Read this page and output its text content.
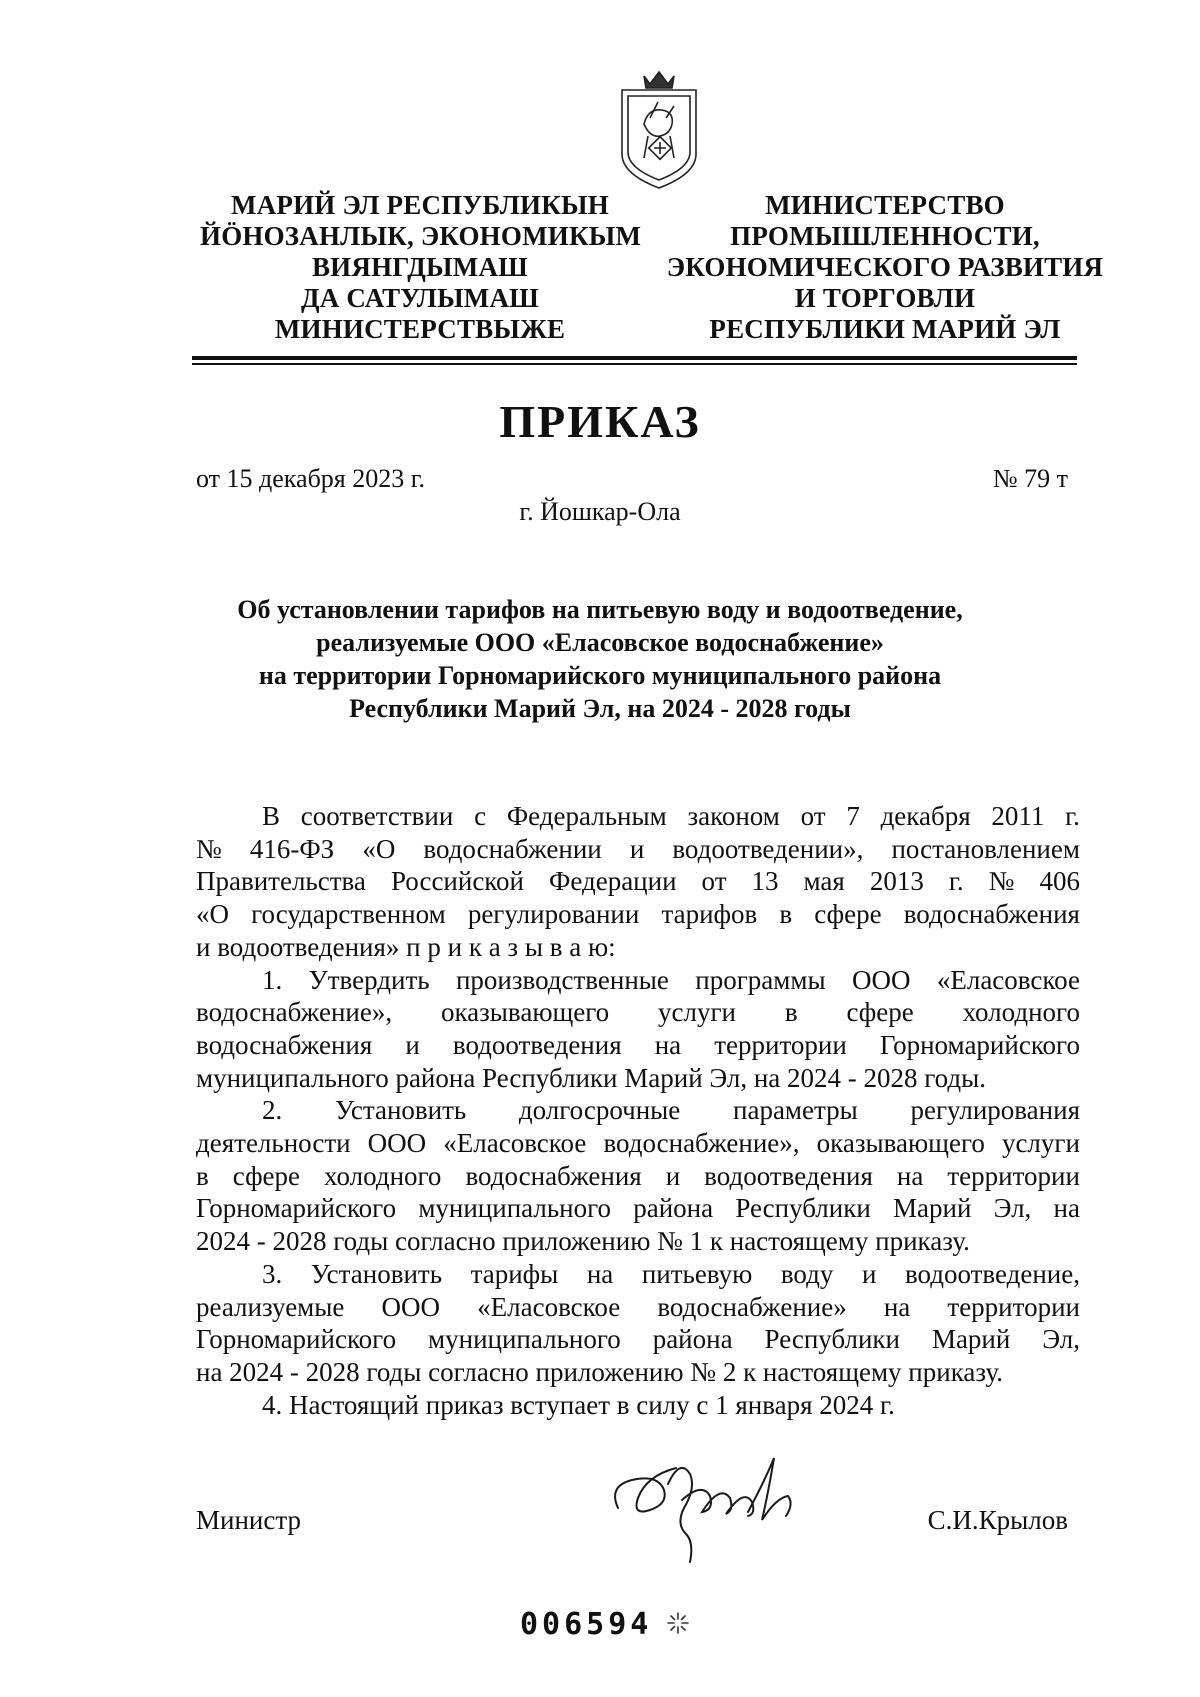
МАРИЙ ЭЛ РЕСПУБЛИКЫН
ЙӦНОЗАНЛЫК, ЭКОНОМИКЫМ
ВИЯНГДЫМАШ
ДА САТУЛЫМАШ
МИНИСТЕРСТВЫЖЕ
МИНИСТЕРСТВО
ПРОМЫШЛЕННОСТИ,
ЭКОНОМИЧЕСКОГО РАЗВИТИЯ
И ТОРГОВЛИ
РЕСПУБЛИКИ МАРИЙ ЭЛ
ПРИКАЗ
от 15 декабря 2023 г.	№ 79 т
г. Йошкар-Ола
Об установлении тарифов на питьевую воду и водоотведение,
реализуемые ООО «Еласовское водоснабжение»
на территории Горномарийского муниципального района
Республики Марий Эл, на 2024 - 2028 годы
В соответствии с Федеральным законом от 7 декабря 2011 г.
№ 416-ФЗ «О водоснабжении и водоотведении», постановлением
Правительства Российской Федерации от 13 мая 2013 г. № 406
«О государственном регулировании тарифов в сфере водоснабжения
и водоотведения» п р и к а з ы в а ю:
1. Утвердить производственные программы ООО «Еласовское
водоснабжение», оказывающего услуги в сфере холодного
водоснабжения и водоотведения на территории Горномарийского
муниципального района Республики Марий Эл, на 2024 - 2028 годы.
2. Установить долгосрочные параметры регулирования
деятельности ООО «Еласовское водоснабжение», оказывающего услуги
в сфере холодного водоснабжения и водоотведения на территории
Горномарийского муниципального района Республики Марий Эл, на
2024 - 2028 годы согласно приложению № 1 к настоящему приказу.
3. Установить тарифы на питьевую воду и водоотведение,
реализуемые ООО «Еласовское водоснабжение» на территории
Горномарийского муниципального района Республики Марий Эл,
на 2024 - 2028 годы согласно приложению № 2 к настоящему приказу.
4. Настоящий приказ вступает в силу с 1 января 2024 г.
Министр	С.И.Крылов
006594
